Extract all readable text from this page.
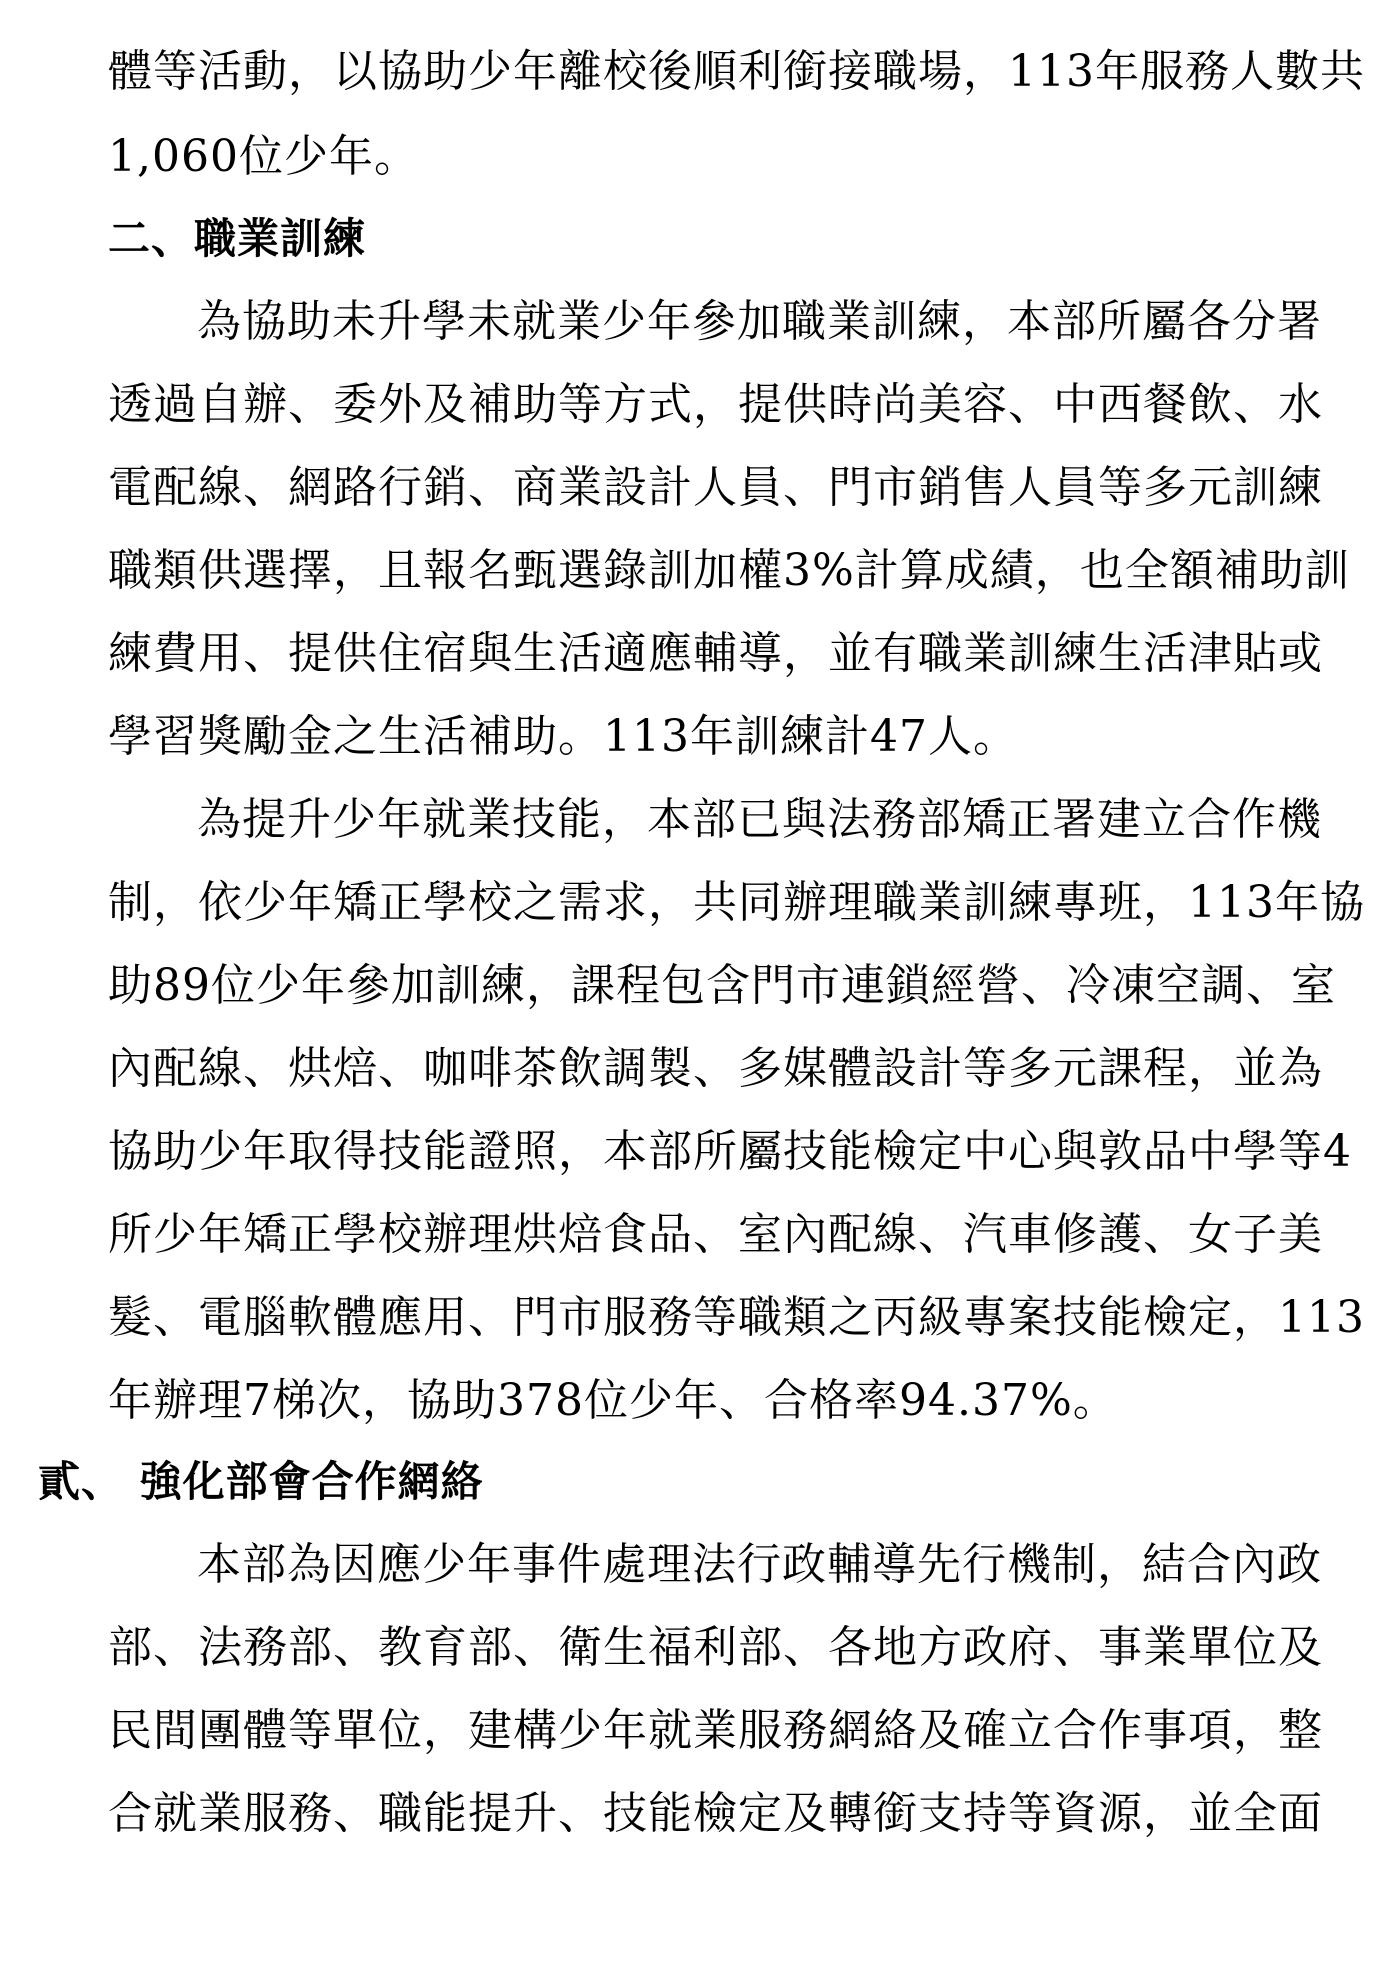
體等活動，以協助少年離校後順利銜接職場，113年服務人數共
1,060位少年。
二、職業訓練
為協助未升學未就業少年參加職業訓練，本部所屬各分署
透過自辦、委外及補助等方式，提供時尚美容、中西餐飲、水
電配線、網路行銷、商業設計人員、門市銷售人員等多元訓練
職類供選擇，且報名甄選錄訓加權3%計算成績，也全額補助訓
練費用、提供住宿與生活適應輔導，並有職業訓練生活津貼或
學習獎勵金之生活補助。113年訓練計47人。
為提升少年就業技能，本部已與法務部矯正署建立合作機
制，依少年矯正學校之需求，共同辦理職業訓練專班，113年協
助89位少年參加訓練，課程包含門市連鎖經營、冷凍空調、室
內配線、烘焙、咖啡茶飲調製、多媒體設計等多元課程，並為
協助少年取得技能證照，本部所屬技能檢定中心與敦品中學等4
所少年矯正學校辦理烘焙食品、室內配線、汽車修護、女子美
髮、電腦軟體應用、門市服務等職類之丙級專案技能檢定，113
年辦理7梯次，協助378位少年、合格率94.37%。
貳、 強化部會合作網絡
本部為因應少年事件處理法行政輔導先行機制，結合內政
部、法務部、教育部、衛生福利部、各地方政府、事業單位及
民間團體等單位，建構少年就業服務網絡及確立合作事項，整
合就業服務、職能提升、技能檢定及轉銜支持等資源，並全面
